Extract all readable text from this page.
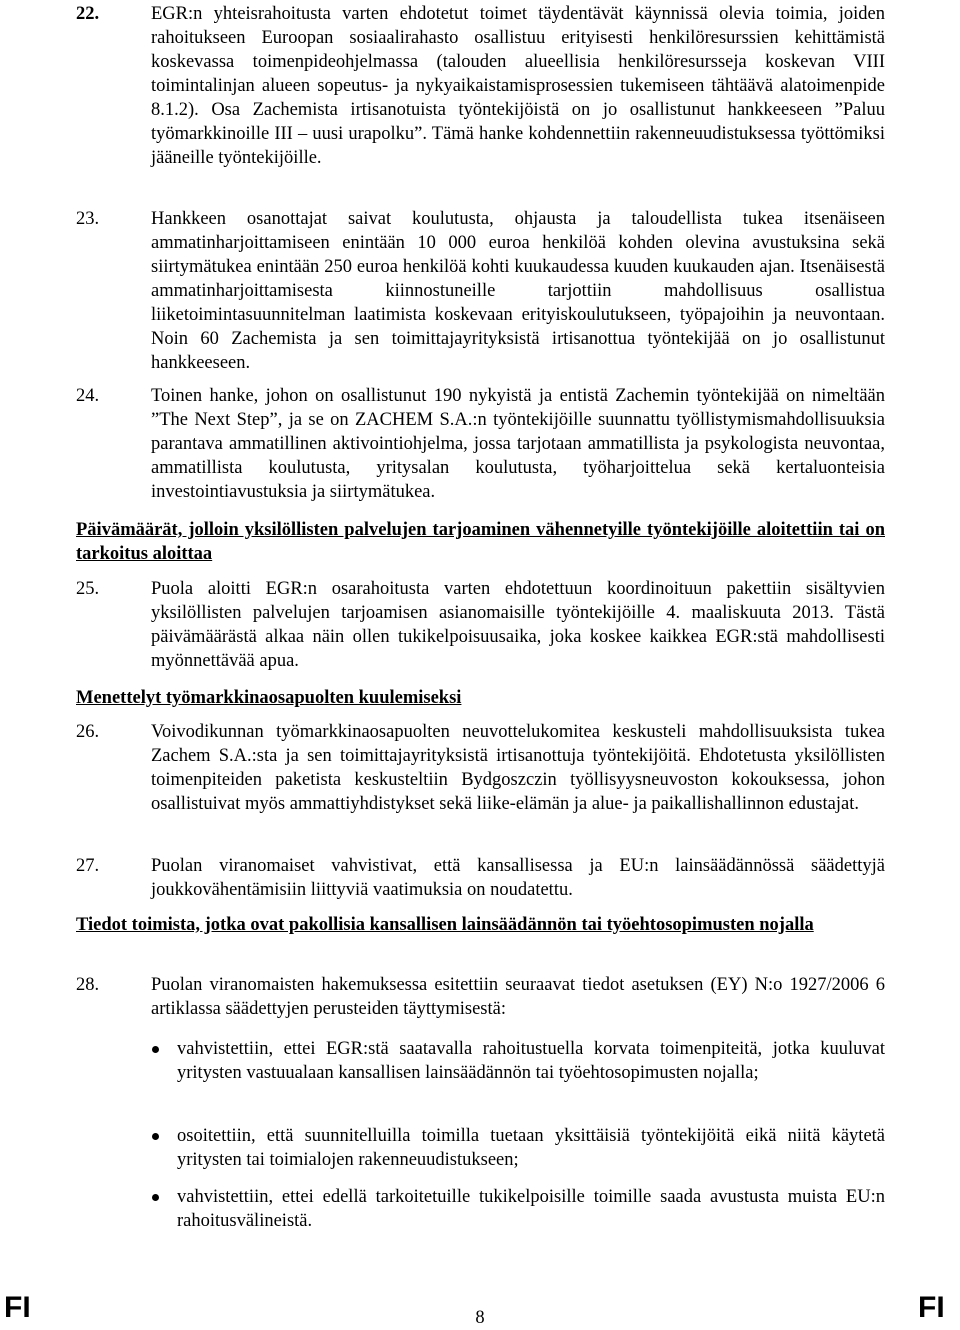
22.	EGR:n yhteisrahoitusta varten ehdotetut toimet täydentävät käynnissä olevia toimia, joiden rahoitukseen Euroopan sosiaalirahasto osallistuu erityisesti henkilöresurssien kehittämistä koskevassa toimenpideohjelmassa (talouden alueellisia henkilöresursseja koskevan VIII toimintalinjan alueen sopeutus- ja nykyaikaistamisprosessien tukemiseen tähtäävä alatoimenpide 8.1.2). Osa Zachemista irtisanotuista työntekijöistä on jo osallistunut hankkeeseen ”Paluu työmarkkinoille III – uusi urapolku”. Tämä hanke kohdennettiin rakenneuudistuksessa työttömiksi jääneille työntekijöille.
23.	Hankkeen osanottajat saivat koulutusta, ohjausta ja taloudellista tukea itsenäiseen ammatinharjoittamiseen enintään 10 000 euroa henkilöä kohden olevina avustuksina sekä siirtymätukea enintään 250 euroa henkilöä kohti kuukaudessa kuuden kuukauden ajan. Itsenäisestä ammatinharjoittamisesta kiinnostuneille tarjottiin mahdollisuus osallistua liiketoimintasuunnitelman laatimista koskevaan erityiskoulutukseen, työpajoihin ja neuvontaan. Noin 60 Zachemista ja sen toimittajayrityksistä irtisanottua työntekijää on jo osallistunut hankkeeseen.
24.	Toinen hanke, johon on osallistunut 190 nykyistä ja entistä Zachemin työntekijää on nimeltään ”The Next Step”, ja se on ZACHEM S.A.:n työntekijöille suunnattu työllistymismahdollisuuksia parantava ammatillinen aktivointiohjelma, jossa tarjotaan ammatillista ja psykologista neuvontaa, ammatillista koulutusta, yritysalan koulutusta, työharjoittelua sekä kertaluonteisia investointiavustuksia ja siirtymätukea.
Päivämäärät, jolloin yksilöllisten palvelujen tarjoaminen vähennetyille työntekijöille aloitettiin tai on tarkoitus aloittaa
25.	Puola aloitti EGR:n osarahoitusta varten ehdotettuun koordinoituun pakettiin sisältyvien yksilöllisten palvelujen tarjoamisen asianomaisille työntekijöille 4. maaliskuuta 2013. Tästä päivämäärästä alkaa näin ollen tukikelpoisuusaika, joka koskee kaikkea EGR:stä mahdollisesti myönnettävää apua.
Menettelyt työmarkkinaosapuolten kuulemiseksi
26.	Voivodikunnan työmarkkinaosapuolten neuvottelukomitea keskusteli mahdollisuuksista tukea Zachem S.A.:sta ja sen toimittajayrityksistä irtisanottuja työntekijöitä. Ehdotetusta yksilöllisten toimenpiteiden paketista keskusteltiin Bydgoszczin työllisyysneuvoston kokouksessa, johon osallistuivat myös ammattiyhdistykset sekä liike-elämän ja alue- ja paikallishallinnon edustajat.
27.	Puolan viranomaiset vahvistivat, että kansallisessa ja EU:n lainsäädännössä säädettyjä joukkovähentämisiin liittyviä vaatimuksia on noudatettu.
Tiedot toimista, jotka ovat pakollisia kansallisen lainsäädännön tai työehtosopimusten nojalla
28.	Puolan viranomaisten hakemuksessa esitettiin seuraavat tiedot asetuksen (EY) N:o 1927/2006 6 artiklassa säädettyjen perusteiden täyttymisestä:
vahvistettiin, ettei EGR:stä saatavalla rahoitustuella korvata toimenpiteitä, jotka kuuluvat yritysten vastuualaan kansallisen lainsäädännön tai työehtosopimusten nojalla;
osoitettiin, että suunnitelluilla toimilla tuetaan yksittäisiä työntekijöitä eikä niitä käytetä yritysten tai toimialojen rakenneuudistukseen;
vahvistettiin, ettei edellä tarkoitetuille tukikelpoisille toimille saada avustusta muista EU:n rahoitusvälineistä.
FI	8	FI
